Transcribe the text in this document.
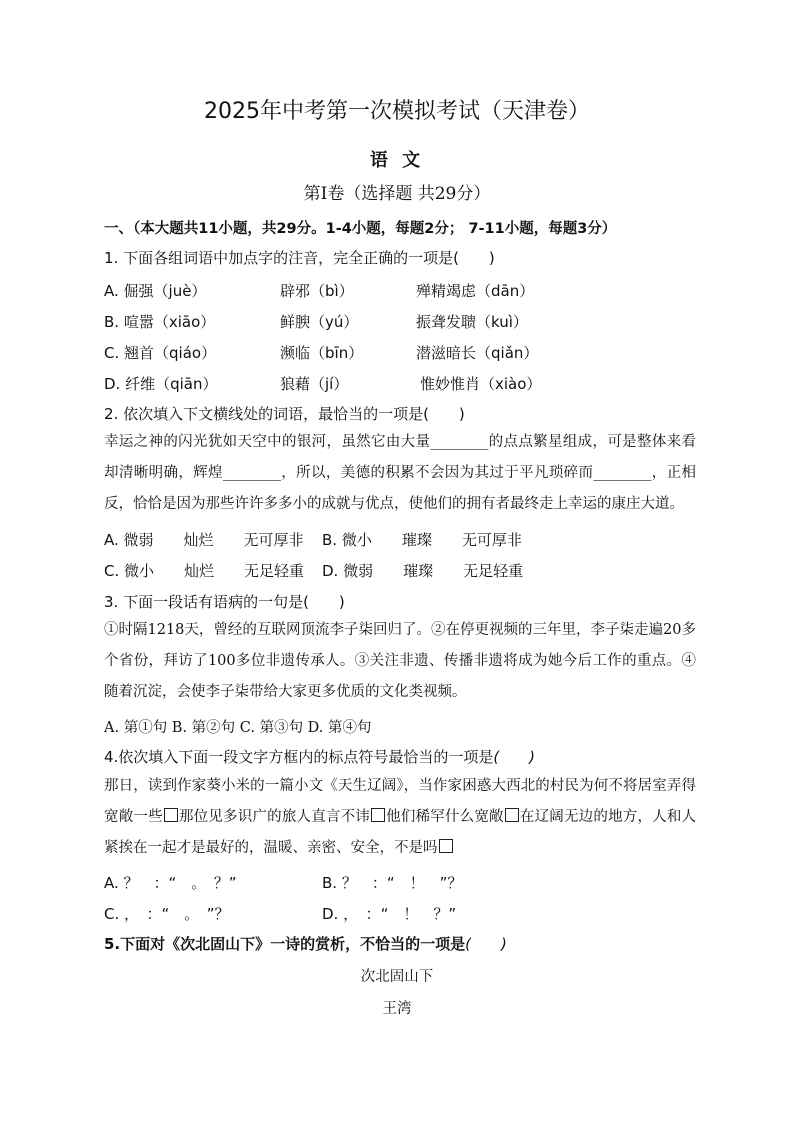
2025年中考第一次模拟考试（天津卷）
语 文
第Ⅰ卷（选择题 共29分）
一、（本大题共11小题，共29分。1-4小题，每题2分； 7-11小题，每题3分）
1. 下面各组词语中加点字的注音，完全正确的一项是(　　)
A. 倔强（juè）	辟邪（bì）	殚精竭虑（dān）
B. 喧嚣（xiāo）	鲜腴（yú）	振聋发聩（kuì）
C. 翘首（qiáo）	濒临（bīn）	潜滋暗长（qiǎn）
D. 纤维（qiān）	狼藉（jí）	惟妙惟肖（xiào）
2. 依次填入下文横线处的词语，最恰当的一项是(　　)
幸运之神的闪光犹如天空中的银河，虽然它由大量________的点点繁星组成，可是整体来看却清晰明确，辉煌________，所以，美德的积累不会因为其过于平凡琐碎而________，正相反，恰恰是因为那些许许多多小的成就与优点，使他们的拥有者最终走上幸运的康庄大道。
A. 微弱　　灿烂　　无可厚非 B. 微小　　璀璨　　无可厚非
C. 微小　　灿烂　　无足轻重 D. 微弱　　璀璨　　无足轻重
3. 下面一段话有语病的一句是(　　)
①时隔1218天，曾经的互联网顶流李子柒回归了。②在停更视频的三年里，李子柒走遍20多个省份，拜访了100多位非遗传承人。③关注非遗、传播非遗将成为她今后工作的重点。④随着沉淀，会使李子柒带给大家更多优质的文化类视频。
A. 第①句 B. 第②句 C. 第③句 D. 第④句
4.依次填入下面一段文字方框内的标点符号最恰当的一项是(　　)
那日，读到作家葵小米的一篇小文《天生辽阔》，当作家困惑大西北的村民为何不将居室弄得宽敞一些 那位见多识广的旅人直言不讳 他们稀罕什么宽敞 在辽阔无边的地方，人和人紧挨在一起才是最好的，温暖、亲密、安全，不是吗
A. ？　：“　。　？”	B. ？　：“　！　”？
C. ，　：“　。　”？	D. ，　：“　！　？”
5.下面对《次北固山下》一诗的赏析，不恰当的一项是(　　)
次北固山下
王湾
